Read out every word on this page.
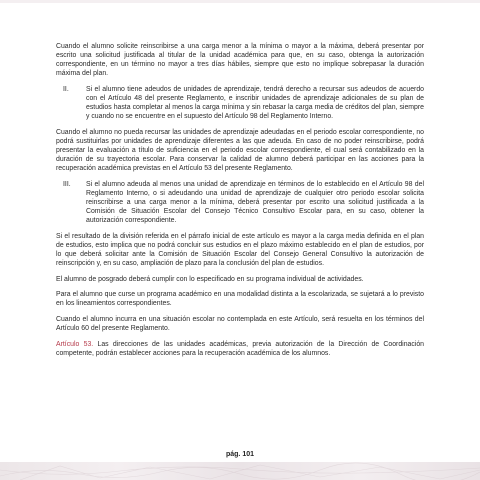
Cuando el alumno solicite reinscribirse a una carga menor a la mínima o mayor a la máxima, deberá presentar por escrito una solicitud justificada al titular de la unidad académica para que, en su caso, obtenga la autorización correspondiente, en un término no mayor a tres días hábiles, siempre que esto no implique sobrepasar la duración máxima del plan.

II.	Si el alumno tiene adeudos de unidades de aprendizaje, tendrá derecho a recursar sus adeudos de acuerdo con el Artículo 48 del presente Reglamento, e inscribir unidades de aprendizaje adicionales de su plan de estudios hasta completar al menos la carga mínima y sin rebasar la carga media de créditos del plan, siempre y cuando no se encuentre en el supuesto del Artículo 98 del Reglamento Interno.

Cuando el alumno no pueda recursar las unidades de aprendizaje adeudadas en el periodo escolar correspondiente, no podrá sustituirlas por unidades de aprendizaje diferentes a las que adeuda. En caso de no poder reinscribirse, podrá presentar la evaluación a título de suficiencia en el periodo escolar correspondiente, el cual será contabilizado en la duración de su trayectoria escolar. Para conservar la calidad de alumno deberá participar en las acciones para la recuperación académica previstas en el Artículo 53 del presente Reglamento.

III.	Si el alumno adeuda al menos una unidad de aprendizaje en términos de lo establecido en el Artículo 98 del Reglamento Interno, o si adeudando una unidad de aprendizaje de cualquier otro periodo escolar solicita reinscribirse a una carga menor a la mínima, deberá presentar por escrito una solicitud justificada a la Comisión de Situación Escolar del Consejo Técnico Consultivo Escolar para, en su caso, obtener la autorización correspondiente.

Si el resultado de la división referida en el párrafo inicial de este artículo es mayor a la carga media definida en el plan de estudios, esto implica que no podrá concluir sus estudios en el plazo máximo establecido en el plan de estudios, por lo que deberá solicitar ante la Comisión de Situación Escolar del Consejo General Consultivo la autorización de reinscripción y, en su caso, ampliación de plazo para la conclusión del plan de estudios.

El alumno de posgrado deberá cumplir con lo especificado en su programa individual de actividades.

Para el alumno que curse un programa académico en una modalidad distinta a la escolarizada, se sujetará a lo previsto en los lineamientos correspondientes.

Cuando el alumno incurra en una situación escolar no contemplada en este Artículo, será resuelta en los términos del Artículo 60 del presente Reglamento.

Artículo 53. Las direcciones de las unidades académicas, previa autorización de la Dirección de Coordinación competente, podrán establecer acciones para la recuperación académica de los alumnos.

pág. 101
